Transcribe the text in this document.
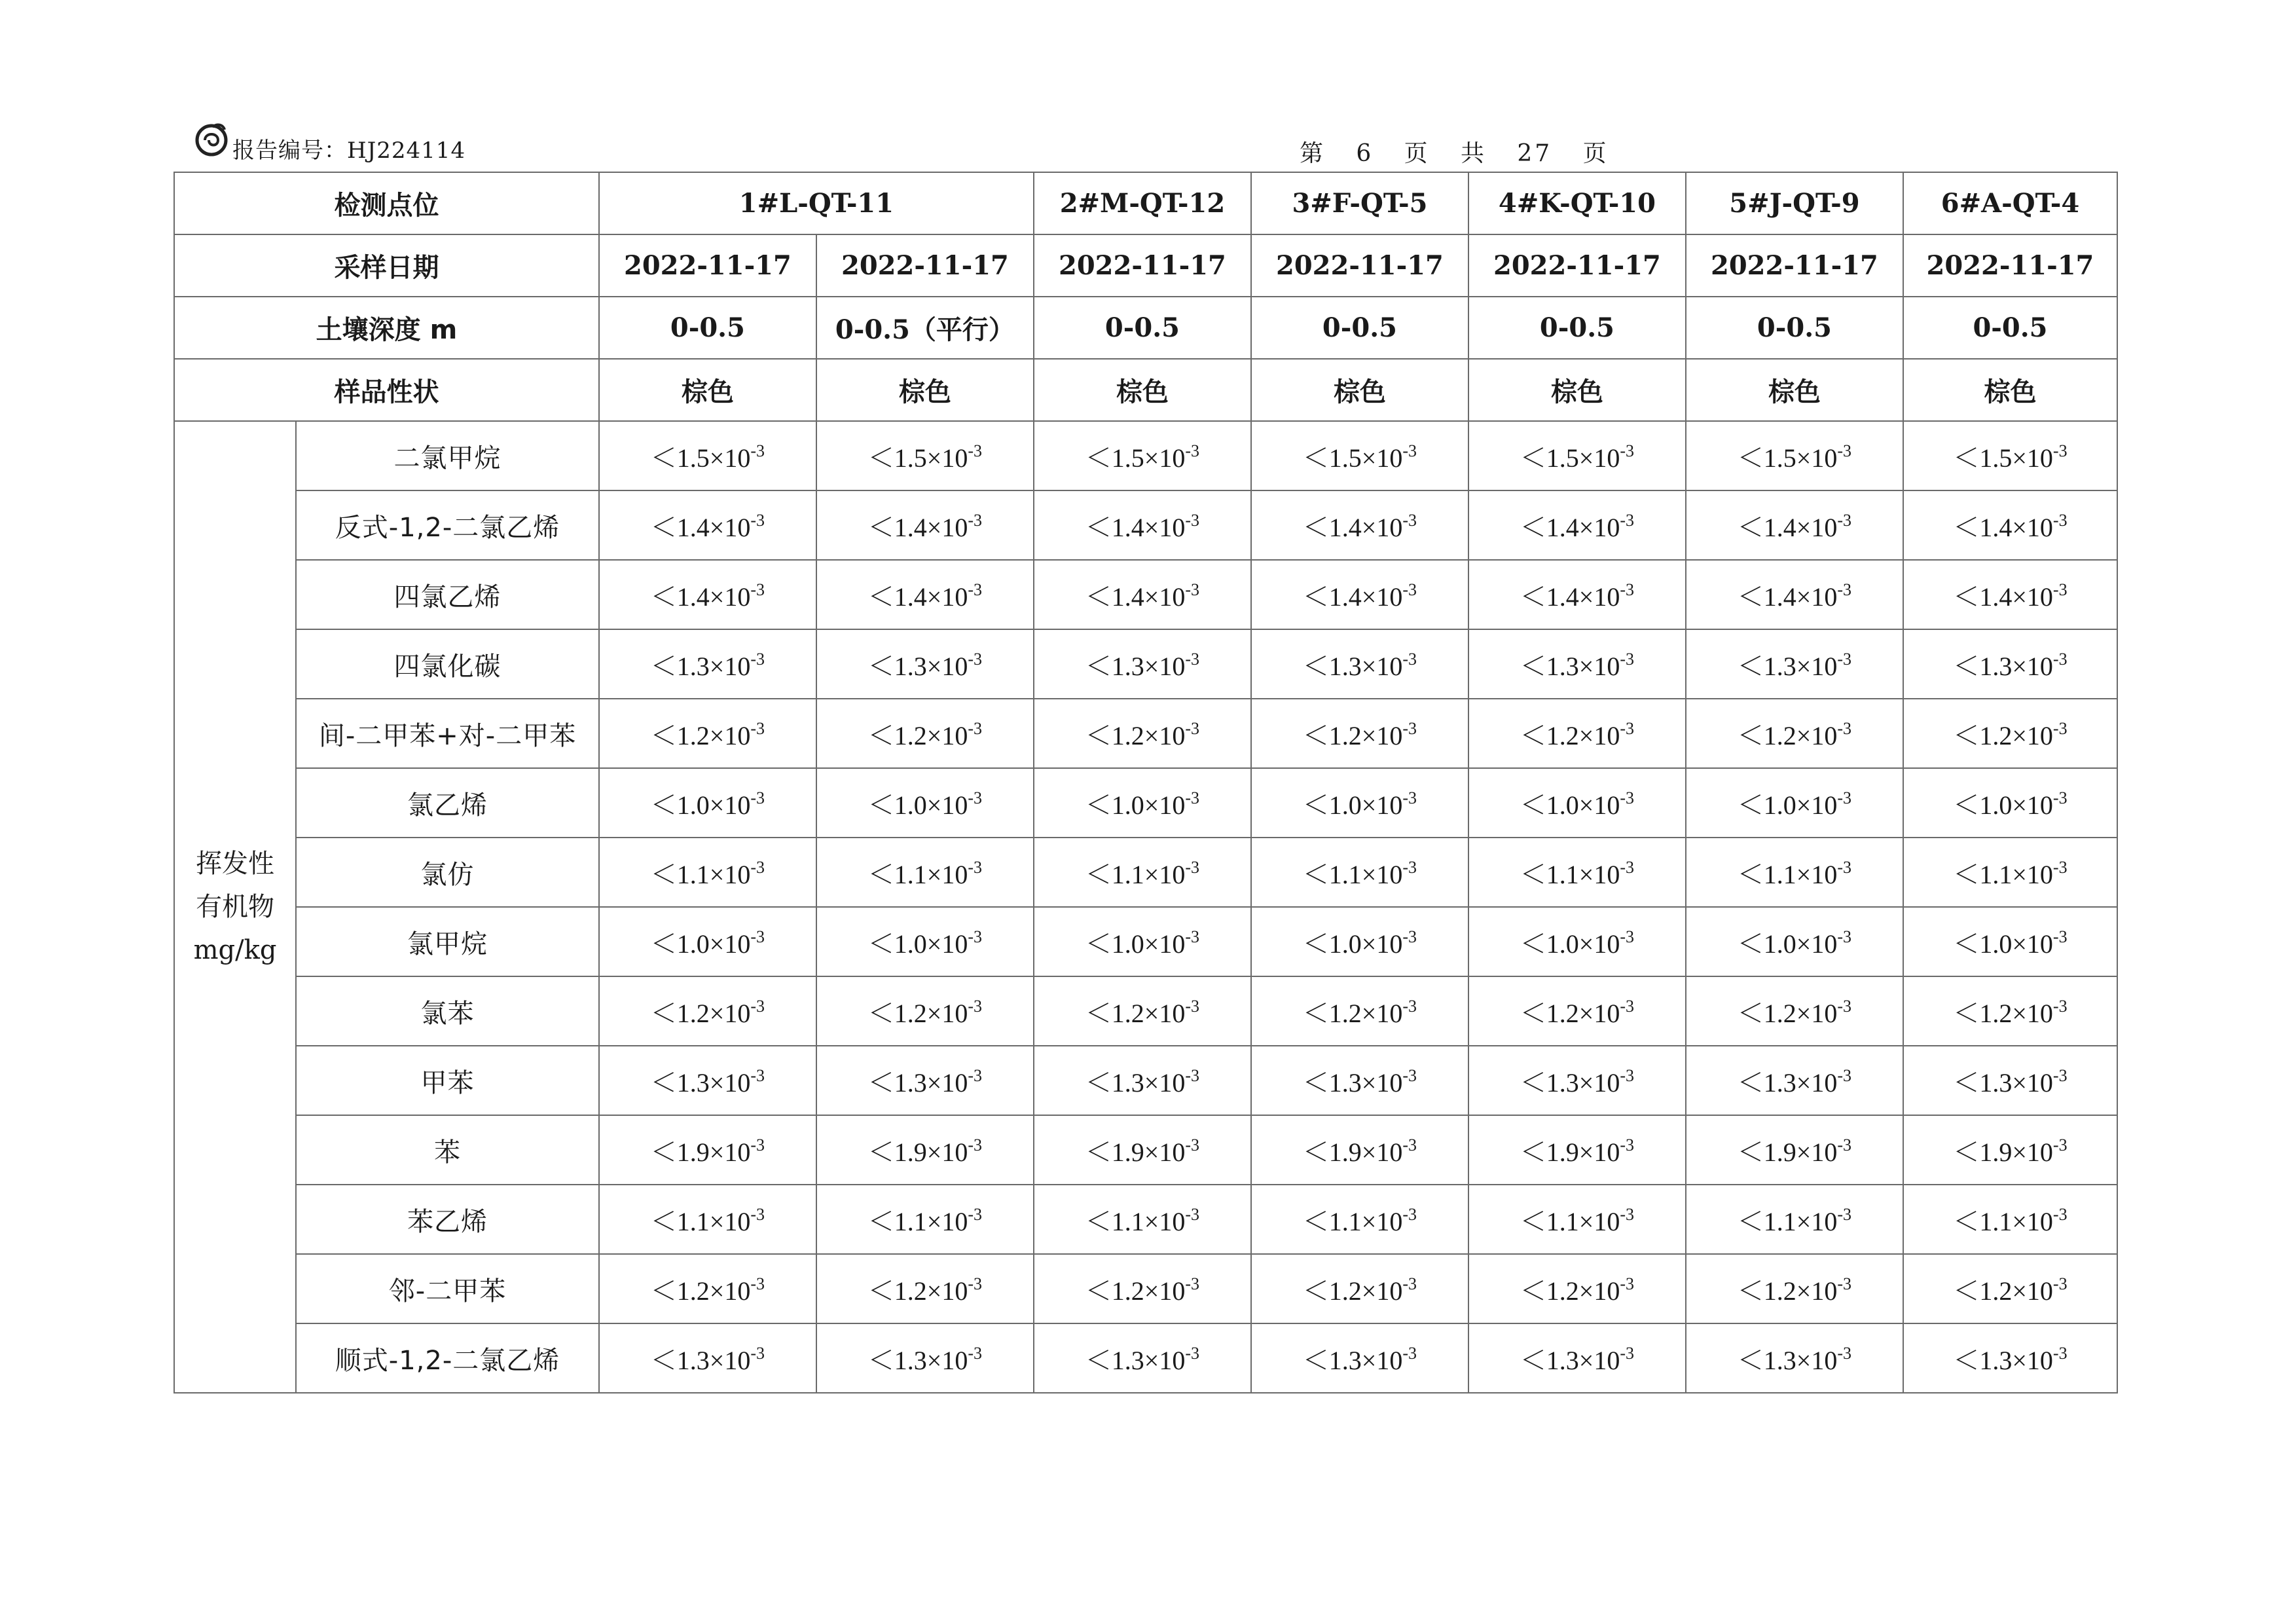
报告编号：HJ224114	第 6 页 共 27 页
检测点位		1#L-QT-11		2#M-QT-12	3#F-QT-5	4#K-QT-10	5#J-QT-9	6#A-QT-4
采样日期		2022-11-17	2022-11-17	2022-11-17	2022-11-17	2022-11-17	2022-11-17	2022-11-17
土壤深度 m		0-0.5	0-0.5（平行）	0-0.5	0-0.5	0-0.5	0-0.5	0-0.5
样品性状		棕色	棕色	棕色	棕色	棕色	棕色	棕色

挥发性
有机物
mg/kg	二氯甲烷	$<1.5\times 10^{-3}$	$<1.5\times 10^{-3}$	$<1.5\times 10^{-3}$	$<1.5\times 10^{-3}$	$<1.5\times 10^{-3}$	$<1.5\times 10^{-3}$	$<1.5\times 10^{-3}$
	反式-1,2-二氯乙烯	$<1.4\times 10^{-3}$	$<1.4\times 10^{-3}$	$<1.4\times 10^{-3}$	$<1.4\times 10^{-3}$	$<1.4\times 10^{-3}$	$<1.4\times 10^{-3}$	$<1.4\times 10^{-3}$
	四氯乙烯	$<1.4\times 10^{-3}$	$<1.4\times 10^{-3}$	$<1.4\times 10^{-3}$	$<1.4\times 10^{-3}$	$<1.4\times 10^{-3}$	$<1.4\times 10^{-3}$	$<1.4\times 10^{-3}$
	四氯化碳	$<1.3\times 10^{-3}$	$<1.3\times 10^{-3}$	$<1.3\times 10^{-3}$	$<1.3\times 10^{-3}$	$<1.3\times 10^{-3}$	$<1.3\times 10^{-3}$	$<1.3\times 10^{-3}$
	间-二甲苯+对-二甲苯	$<1.2\times 10^{-3}$	$<1.2\times 10^{-3}$	$<1.2\times 10^{-3}$	$<1.2\times 10^{-3}$	$<1.2\times 10^{-3}$	$<1.2\times 10^{-3}$	$<1.2\times 10^{-3}$
	氯乙烯	$<1.0\times 10^{-3}$	$<1.0\times 10^{-3}$	$<1.0\times 10^{-3}$	$<1.0\times 10^{-3}$	$<1.0\times 10^{-3}$	$<1.0\times 10^{-3}$	$<1.0\times 10^{-3}$
	氯仿	$<1.1\times 10^{-3}$	$<1.1\times 10^{-3}$	$<1.1\times 10^{-3}$	$<1.1\times 10^{-3}$	$<1.1\times 10^{-3}$	$<1.1\times 10^{-3}$	$<1.1\times 10^{-3}$
	氯甲烷	$<1.0\times 10^{-3}$	$<1.0\times 10^{-3}$	$<1.0\times 10^{-3}$	$<1.0\times 10^{-3}$	$<1.0\times 10^{-3}$	$<1.0\times 10^{-3}$	$<1.0\times 10^{-3}$
	氯苯	$<1.2\times 10^{-3}$	$<1.2\times 10^{-3}$	$<1.2\times 10^{-3}$	$<1.2\times 10^{-3}$	$<1.2\times 10^{-3}$	$<1.2\times 10^{-3}$	$<1.2\times 10^{-3}$
	甲苯	$<1.3\times 10^{-3}$	$<1.3\times 10^{-3}$	$<1.3\times 10^{-3}$	$<1.3\times 10^{-3}$	$<1.3\times 10^{-3}$	$<1.3\times 10^{-3}$	$<1.3\times 10^{-3}$
	苯	$<1.9\times 10^{-3}$	$<1.9\times 10^{-3}$	$<1.9\times 10^{-3}$	$<1.9\times 10^{-3}$	$<1.9\times 10^{-3}$	$<1.9\times 10^{-3}$	$<1.9\times 10^{-3}$
	苯乙烯	$<1.1\times 10^{-3}$	$<1.1\times 10^{-3}$	$<1.1\times 10^{-3}$	$<1.1\times 10^{-3}$	$<1.1\times 10^{-3}$	$<1.1\times 10^{-3}$	$<1.1\times 10^{-3}$
	邻-二甲苯	$<1.2\times 10^{-3}$	$<1.2\times 10^{-3}$	$<1.2\times 10^{-3}$	$<1.2\times 10^{-3}$	$<1.2\times 10^{-3}$	$<1.2\times 10^{-3}$	$<1.2\times 10^{-3}$
	顺式-1,2-二氯乙烯	$<1.3\times 10^{-3}$	$<1.3\times 10^{-3}$	$<1.3\times 10^{-3}$	$<1.3\times 10^{-3}$	$<1.3\times 10^{-3}$	$<1.3\times 10^{-3}$	$<1.3\times 10^{-3}$
